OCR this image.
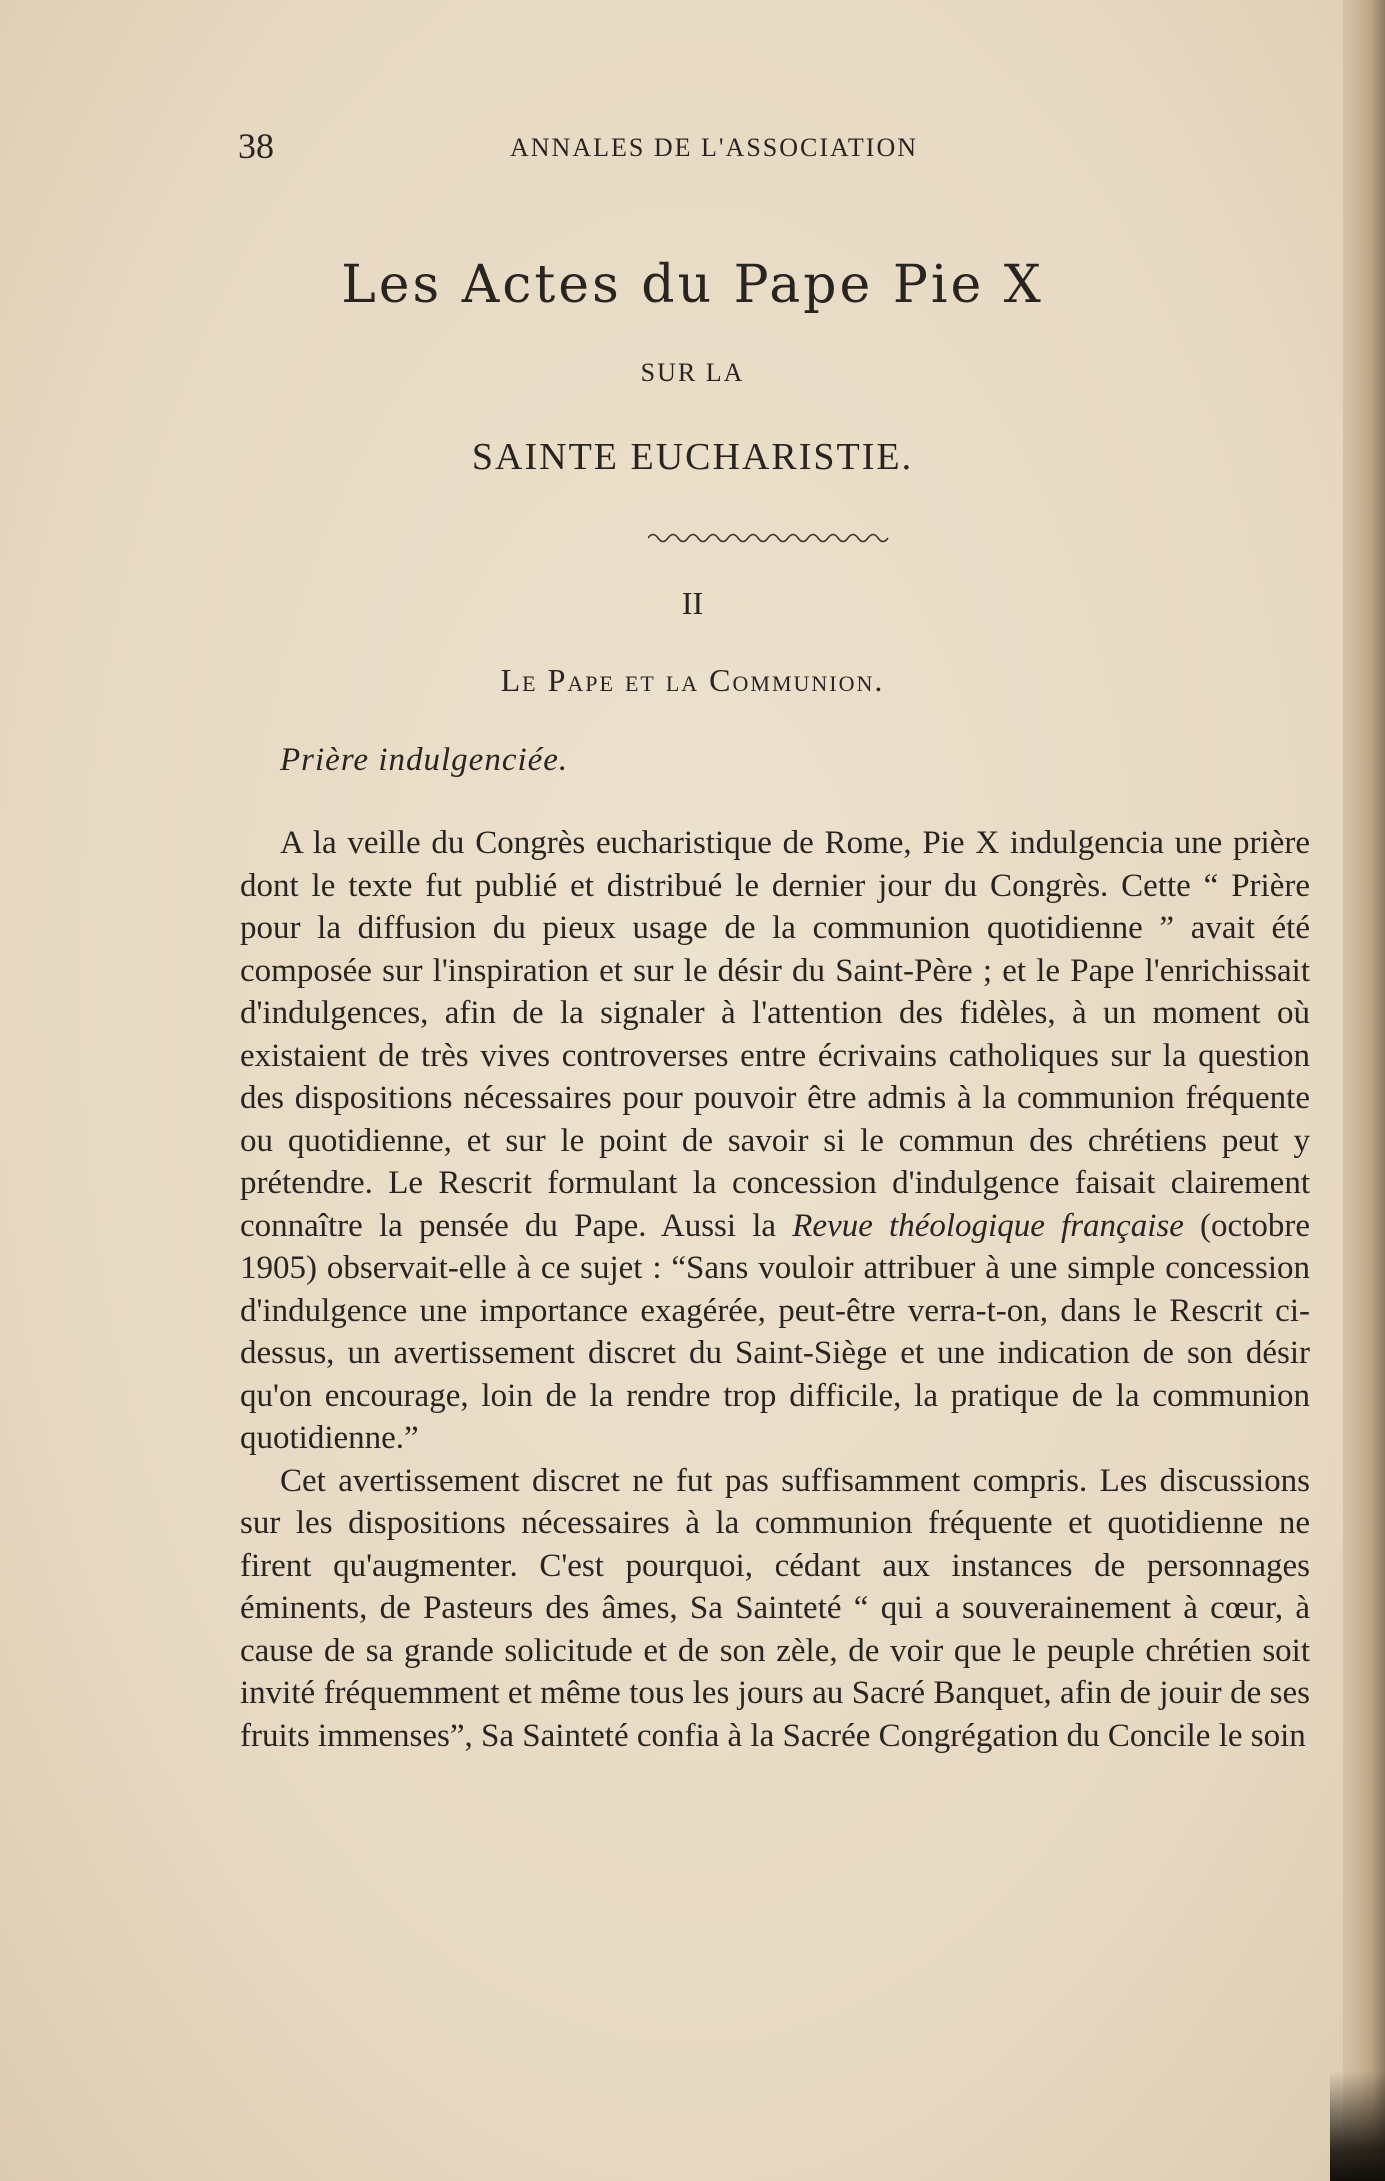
38	ANNALES DE L'ASSOCIATION
Les Actes du Pape Pie X
SUR LA
SAINTE EUCHARISTIE.
II
Le Pape et la Communion.
Prière indulgenciée.

A la veille du Congrès eucharistique de Rome, Pie X indulgencia une prière dont le texte fut publié et distribué le dernier jour du Congrès. Cette “ Prière pour la diffusion du pieux usage de la communion quotidienne ” avait été composée sur l'inspiration et sur le désir du Saint-Père ; et le Pape l'enrichissait d'indulgences, afin de la signaler à l'attention des fidèles, à un moment où existaient de très vives controverses entre écrivains catholiques sur la question des dispositions nécessaires pour pouvoir être admis à la communion fréquente ou quotidienne, et sur le point de savoir si le commun des chrétiens peut y prétendre. Le Rescrit formulant la concession d'indulgence faisait clairement connaître la pensée du Pape. Aussi la Revue théologique française (octobre 1905) observait-elle à ce sujet : “Sans vouloir attribuer à une simple concession d'indulgence une importance exagérée, peut-être verra-t-on, dans le Rescrit ci-dessus, un avertissement discret du Saint-Siège et une indication de son désir qu'on encourage, loin de la rendre trop difficile, la pratique de la communion quotidienne.”

Cet avertissement discret ne fut pas suffisamment compris. Les discussions sur les dispositions nécessaires à la communion fréquente et quotidienne ne firent qu'augmenter. C'est pourquoi, cédant aux instances de personnages éminents, de Pasteurs des âmes, Sa Sainteté “ qui a souverainement à cœur, à cause de sa grande solicitude et de son zèle, de voir que le peuple chrétien soit invité fréquemment et même tous les jours au Sacré Banquet, afin de jouir de ses fruits immenses”, Sa Sainteté confia à la Sacrée Congrégation du Concile le soin
